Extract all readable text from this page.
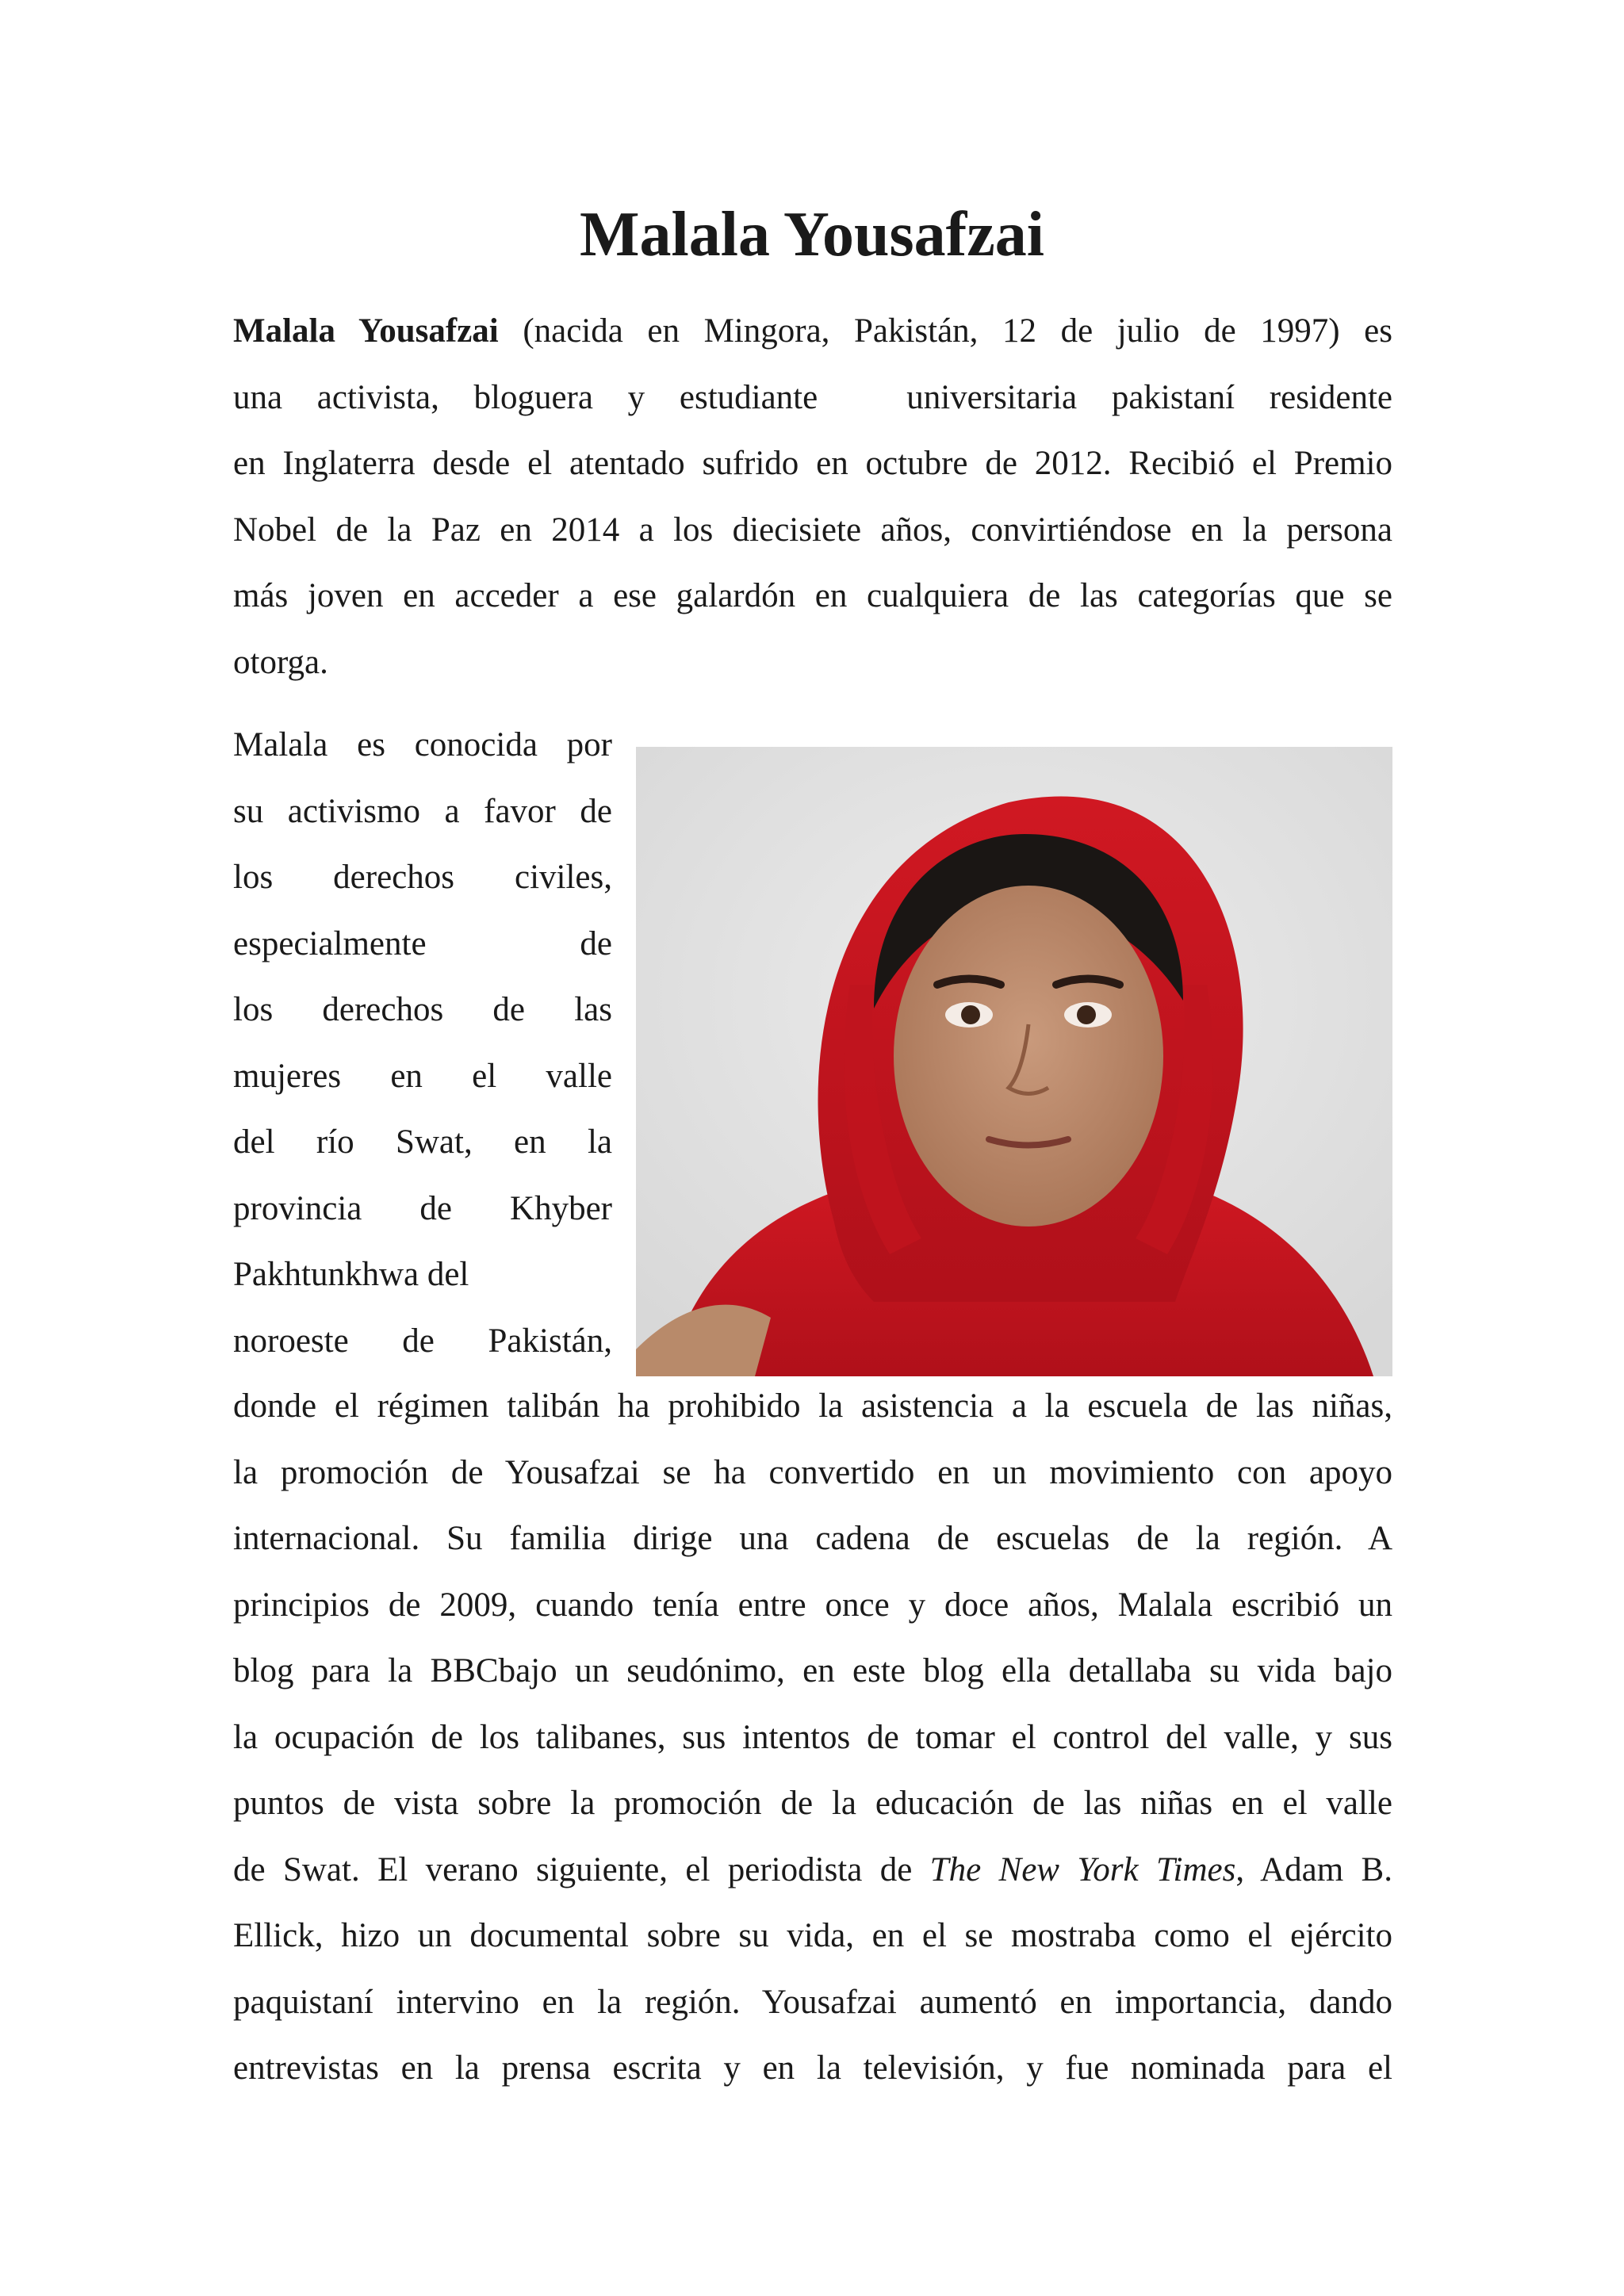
Malala Yousafzai
Malala Yousafzai (nacida en Mingora, Pakistán, 12 de julio de 1997) es
una activista, bloguera y estudiante	universitaria pakistaní residente
en Inglaterra desde el atentado sufrido en octubre de 2012. Recibió el Premio
Nobel de la Paz en 2014 a los diecisiete años, convirtiéndose en la persona
más joven en acceder a ese galardón en cualquiera de las categorías que se
otorga.
Malala es conocida por
su activismo a favor de
los derechos civiles,
especialmente de
los derechos de las
mujeres en el valle
del río Swat, en la
provincia de Khyber
Pakhtunkhwa del
noroeste de Pakistán,
donde el régimen talibán ha prohibido la asistencia a la escuela de las niñas,
la promoción de Yousafzai se ha convertido en un movimiento con apoyo
internacional. Su familia dirige una cadena de escuelas de la región. A
principios de 2009, cuando tenía entre once y doce años, Malala escribió un
blog para la BBCbajo un seudónimo, en este blog ella detallaba su vida bajo
la ocupación de los talibanes, sus intentos de tomar el control del valle, y sus
puntos de vista sobre la promoción de la educación de las niñas en el valle
de Swat. El verano siguiente, el periodista de The New York Times, Adam B.
Ellick, hizo un documental sobre su vida, en el se mostraba como el ejército
paquistaní intervino en la región. Yousafzai aumentó en importancia, dando
entrevistas en la prensa escrita y en la televisión, y fue nominada para el
